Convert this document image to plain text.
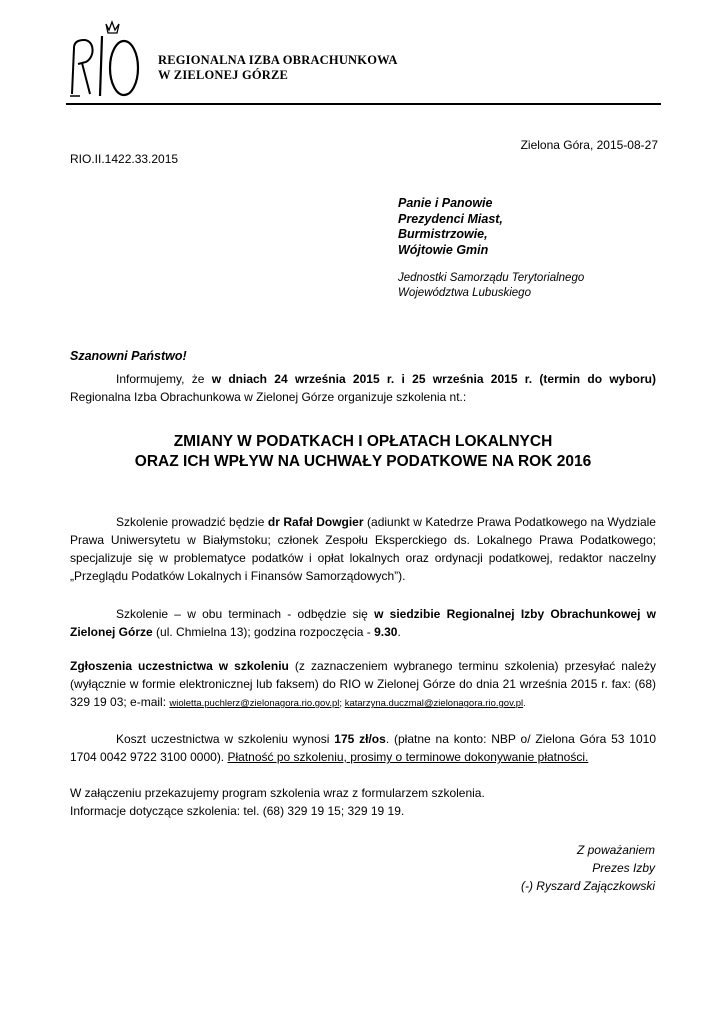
REGIONALNA IZBA OBRACHUNKOWA
W ZIELONEJ GÓRZE
Zielona Góra, 2015-08-27
RIO.II.1422.33.2015
Panie i Panowie
Prezydenci Miast,
Burmistrzowie,
Wójtowie Gmin
Jednostki Samorządu Terytorialnego
Województwa Lubuskiego
Szanowni Państwo!
Informujemy, że w dniach 24 września 2015 r. i 25 września 2015 r. (termin do wyboru) Regionalna Izba Obrachunkowa w Zielonej Górze organizuje szkolenia nt.:
ZMIANY W PODATKACH I OPŁATACH LOKALNYCH
ORAZ ICH WPŁYW NA UCHWAŁY PODATKOWE NA ROK 2016
Szkolenie prowadzić będzie dr Rafał Dowgier (adiunkt w Katedrze Prawa Podatkowego na Wydziale Prawa Uniwersytetu w Białymstoku; członek Zespołu Eksperckiego ds. Lokalnego Prawa Podatkowego; specjalizuje się w problematyce podatków i opłat lokalnych oraz ordynacji podatkowej, redaktor naczelny „Przeglądu Podatków Lokalnych i Finansów Samorządowych”).
Szkolenie – w obu terminach - odbędzie się w siedzibie Regionalnej Izby Obrachunkowej w Zielonej Górze (ul. Chmielna 13); godzina rozpoczęcia - 9.30.
Zgłoszenia uczestnictwa w szkoleniu (z zaznaczeniem wybranego terminu szkolenia) przesyłać należy (wyłącznie w formie elektronicznej lub faksem) do RIO w Zielonej Górze do dnia 21 września 2015 r. fax: (68) 329 19 03; e-mail: wioletta.puchlerz@zielonagora.rio.gov.pl; katarzyna.duczmal@zielonagora.rio.gov.pl.
Koszt uczestnictwa w szkoleniu wynosi 175 zł/os. (płatne na konto: NBP o/ Zielona Góra 53 1010 1704 0042 9722 3100 0000). Płatność po szkoleniu, prosimy o terminowe dokonywanie płatności.
W załączeniu przekazujemy program szkolenia wraz z formularzem szkolenia.
Informacje dotyczące szkolenia: tel. (68) 329 19 15; 329 19 19.
Z poważaniem
Prezes Izby
(-) Ryszard Zajączkowski
